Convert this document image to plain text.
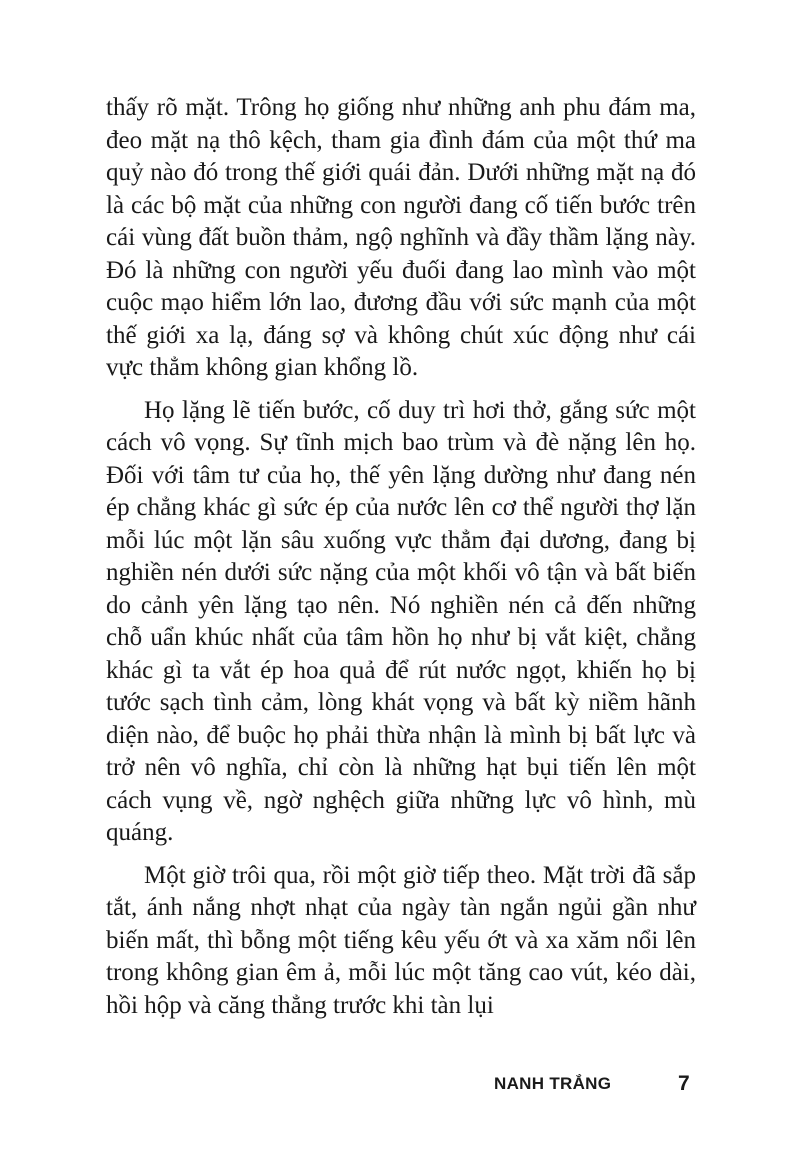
thấy rõ mặt. Trông họ giống như những anh phu đám ma, đeo mặt nạ thô kệch, tham gia đình đám của một thứ ma quỷ nào đó trong thế giới quái đản. Dưới những mặt nạ đó là các bộ mặt của những con người đang cố tiến bước trên cái vùng đất buồn thảm, ngộ nghĩnh và đầy thầm lặng này. Đó là những con người yếu đuối đang lao mình vào một cuộc mạo hiểm lớn lao, đương đầu với sức mạnh của một thế giới xa lạ, đáng sợ và không chút xúc động như cái vực thẳm không gian khổng lồ.

Họ lặng lẽ tiến bước, cố duy trì hơi thở, gắng sức một cách vô vọng. Sự tĩnh mịch bao trùm và đè nặng lên họ. Đối với tâm tư của họ, thế yên lặng dường như đang nén ép chẳng khác gì sức ép của nước lên cơ thể người thợ lặn mỗi lúc một lặn sâu xuống vực thẳm đại dương, đang bị nghiền nén dưới sức nặng của một khối vô tận và bất biến do cảnh yên lặng tạo nên. Nó nghiền nén cả đến những chỗ uẩn khúc nhất của tâm hồn họ như bị vắt kiệt, chẳng khác gì ta vắt ép hoa quả để rút nước ngọt, khiến họ bị tước sạch tình cảm, lòng khát vọng và bất kỳ niềm hãnh diện nào, để buộc họ phải thừa nhận là mình bị bất lực và trở nên vô nghĩa, chỉ còn là những hạt bụi tiến lên một cách vụng về, ngờ nghệch giữa những lực vô hình, mù quáng.

Một giờ trôi qua, rồi một giờ tiếp theo. Mặt trời đã sắp tắt, ánh nắng nhợt nhạt của ngày tàn ngắn ngủi gần như biến mất, thì bỗng một tiếng kêu yếu ớt và xa xăm nổi lên trong không gian êm ả, mỗi lúc một tăng cao vút, kéo dài, hồi hộp và căng thẳng trước khi tàn lụi

NANH TRẮNG	7
